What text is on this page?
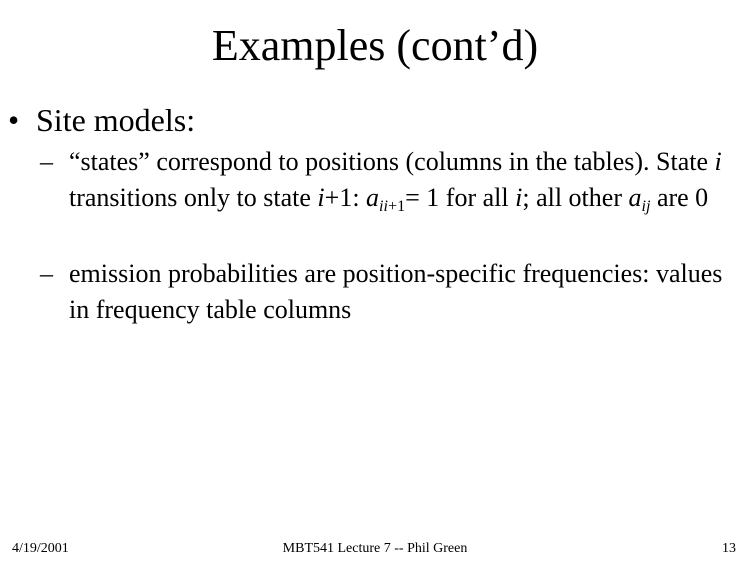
Examples (cont’d)
• Site models:
– “states” correspond to positions (columns in the tables). State i transitions only to state i+1: $a_{ii+1}= 1$ for all i; all other $a_{ij}$ are 0
– emission probabilities are position-specific frequencies: values in frequency table columns
4/19/2001	MBT541 Lecture 7 -- Phil Green	13
